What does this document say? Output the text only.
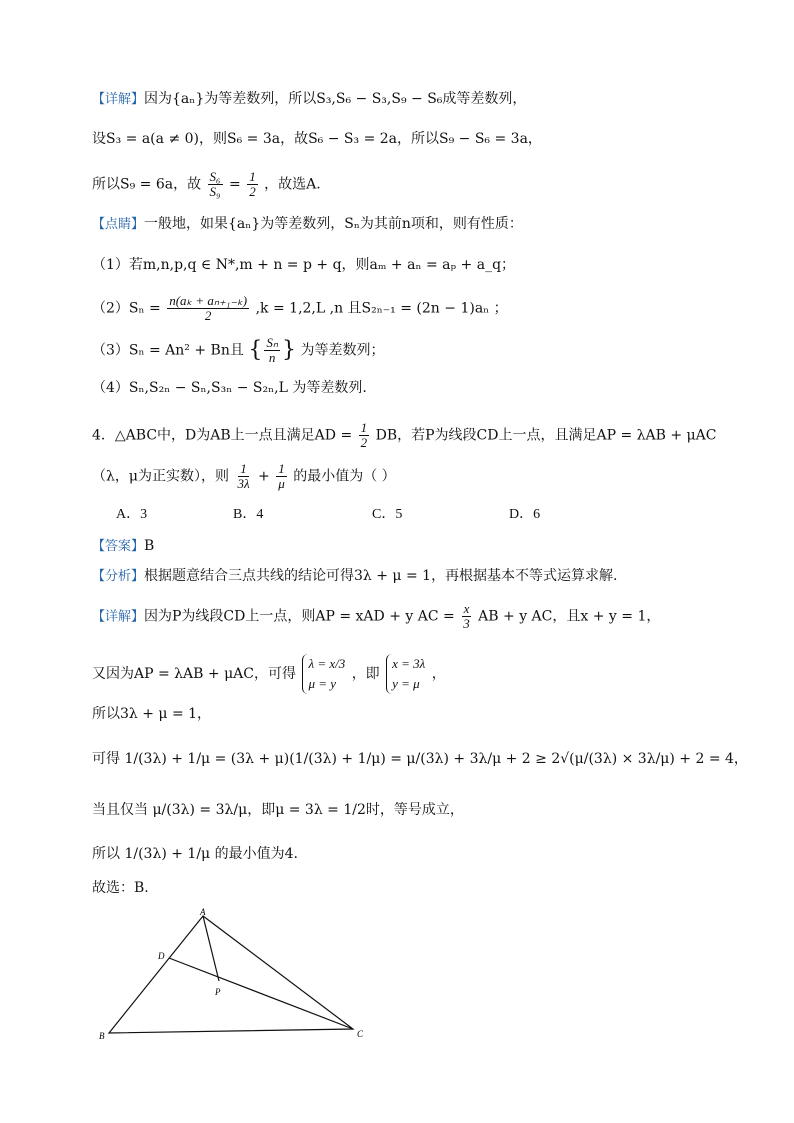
【详解】因为{aₙ}为等差数列，所以S₃,S₆ − S₃,S₉ − S₆成等差数列，
设S₃ = a(a ≠ 0)，则S₆ = 3a，故S₆ − S₃ = 2a，所以S₉ − S₆ = 3a，
所以S₉ = 6a，故 $\frac{\text{S₆}}{\text{S₉}} = \frac{1}{2}$ ，故选A.
【点睛】一般地，如果{aₙ}为等差数列，Sₙ为其前n项和，则有性质：
（1）若m,n,p,q ∈ N*,m + n = p + q，则aₘ + aₙ = aₚ + a_q；
$(2)S_n = \frac{\text{n(aₖ + aₙ₊₁₋ₖ)}}{2} ,k = 1,2,L$ ,n 且S₂ₙ₋₁ = (2n − 1)aₙ ；
（3）Sₙ = An² + Bn且 { $\frac{\text{Sₙ}}{n}$ } 为等差数列；
（4）Sₙ,S₂ₙ − Sₙ,S₃ₙ − S₂ₙ,L 为等差数列.
4．△ABC中，D为AB上一点且满足AD = $\frac{1}{2}$ DB，若P为线段CD上一点，且满足AP = λAB + μAC
（λ，μ为正实数），则 $\frac{1}{3\lambda} + \frac{1}{\mu}$ 的最小值为（ ）
A．3	B．4	C．5	D．6
【答案】B
【分析】根据题意结合三点共线的结论可得3λ + μ = 1，再根据基本不等式运算求解.
【详解】因为P为线段CD上一点，则AP = xAD + y AC = $\frac{x}{3}$ AB + y AC，且x + y = 1，
又因为AP = λAB + μAC，可得
λ = x/3
μ = y
，即
x = 3λ
y = μ
，
所以3λ + μ = 1，
可得 1/(3λ) + 1/μ = (3λ + μ)(1/(3λ) + 1/μ) = μ/(3λ) + 3λ/μ + 2 ≥ 2√(μ/(3λ) × 3λ/μ) + 2 = 4，
当且仅当 μ/(3λ) = 3λ/μ，即μ = 3λ = 1/2时，等号成立，
所以 1/(3λ) + 1/μ 的最小值为4.
故选：B.
A
B	C
D
P
